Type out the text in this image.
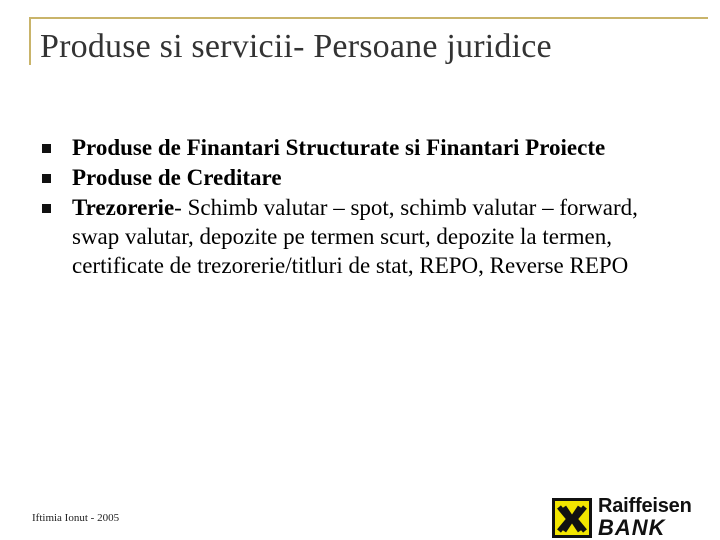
Produse si servicii- Persoane juridice
Produse de Finantari Structurate si Finantari Proiecte
Produse de Creditare
Trezorerie- Schimb valutar – spot, schimb valutar – forward, swap valutar, depozite pe termen scurt, depozite la termen, certificate de trezorerie/titluri de stat, REPO, Reverse REPO
Iftimia Ionut - 2005
Raiffeisen
BANK
